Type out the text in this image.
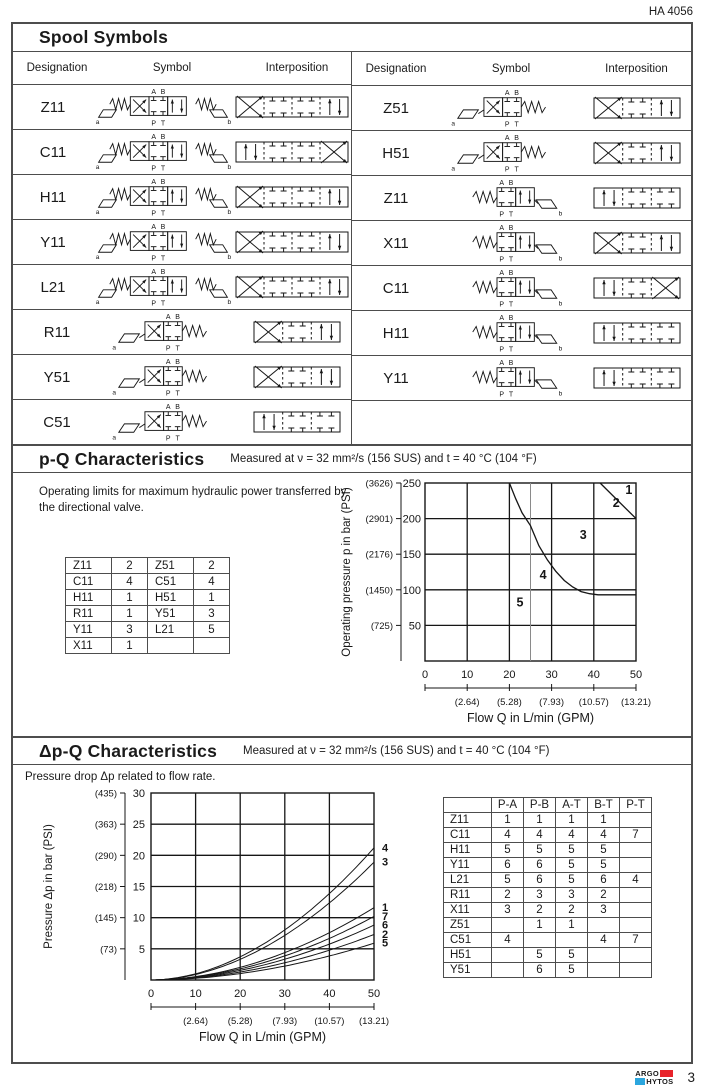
HA 4056
Spool Symbols
Designation	Symbol	Interposition
Z11
A B
P T
a	b
C11
A B
P T
a	b
H11
A B
P T
a	b
Y11
A B
P T
a	b
L21
A B
P T
a	b
R11
A B
P T
a
Y51
A B
P T
a
C51
A B
P T
a
Designation	Symbol	Interposition
Z51
A B
P T
a
H51
A B
P T
a
Z11
A B
P T	b
X11
A B
P T	b
C11
A B
P T	b
H11
A B
P T	b
Y11
A B
P T	b
p-Q Characteristics Measured at ν = 32 mm²/s (156 SUS) and t = 40 °C (104 °F)
Operating limits for maximum hydraulic power transferred by the directional valve.
Z11	2	Z51	2
C11	4	C51	4
H11	1	H51	1
R11	1	Y51	3
Y11	3	L21	5
X11	1			Operating pressure p in bar (PSI) (725) 50
(1450) 100
(2176) 150
(2901) 200
(3626) 250
0	10	20	30	40	50
(2.64) (5.28) (7.93) (10.57) (13.21)
Flow Q in L/min (GPM)
1
2
3
4
5
Δp-Q Characteristics Measured at ν = 32 mm²/s (156 SUS) and t = 40 °C (104 °F)
Pressure drop Δp related to flow rate.
Pressure Δp in bar (PSI)
(73) 5
(145) 10
(218) 15
(290) 20
(363) 25
(435) 30
0	10	20	30	40	50
(2.64) (5.28) (7.93) (10.57) (13.21)
Flow Q in L/min (GPM)
4
3
1
7
6
2
5
	P-A	P-B	A-T	B-T	P-T
Z11	1	1	1	1	
C11	4	4	4	4	7
H11	5	5	5	5	
Y11	6	6	5	5	
L21	5	6	5	6	4
R11	2	3	3	2	
X11	3	2	2	3	
Z51		1	1		
C51	4			4	7
H51		5	5		
Y51		6	5		
ARGO
HYTOS 3
